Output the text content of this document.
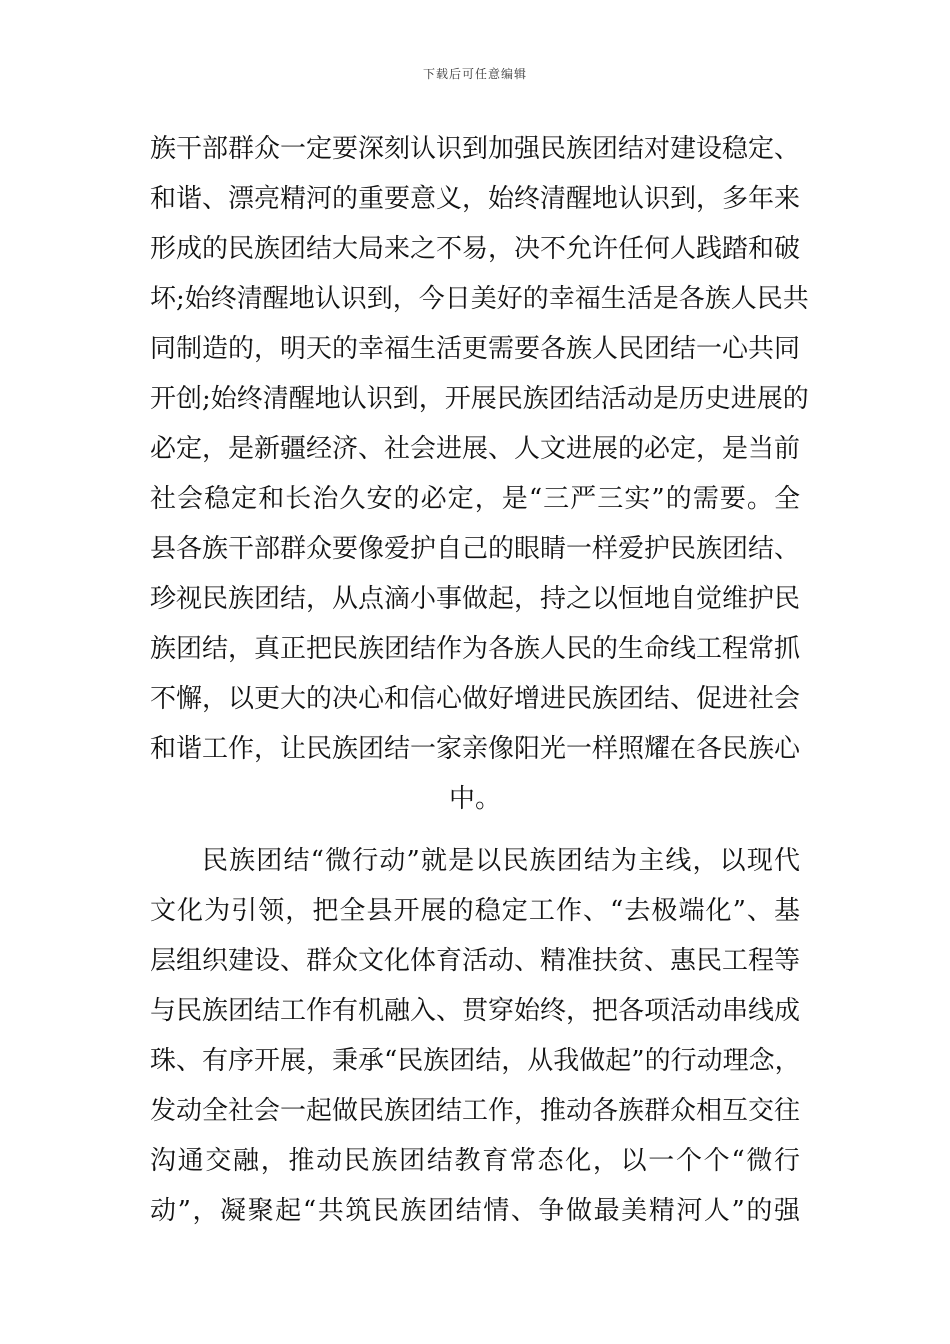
下载后可任意编辑
族干部群众一定要深刻认识到加强民族团结对建设稳定、
和谐、漂亮精河的重要意义，始终清醒地认识到，多年来
形成的民族团结大局来之不易，决不允许任何人践踏和破
坏;始终清醒地认识到，今日美好的幸福生活是各族人民共
同制造的，明天的幸福生活更需要各族人民团结一心共同
开创;始终清醒地认识到，开展民族团结活动是历史进展的
必定，是新疆经济、社会进展、人文进展的必定，是当前
社会稳定和长治久安的必定，是“三严三实”的需要。全
县各族干部群众要像爱护自己的眼睛一样爱护民族团结、
珍视民族团结，从点滴小事做起，持之以恒地自觉维护民
族团结，真正把民族团结作为各族人民的生命线工程常抓
不懈，以更大的决心和信心做好增进民族团结、促进社会
和谐工作，让民族团结一家亲像阳光一样照耀在各民族心
中。
民族团结“微行动”就是以民族团结为主线，以现代
文化为引领，把全县开展的稳定工作、“去极端化”、基
层组织建设、群众文化体育活动、精准扶贫、惠民工程等
与民族团结工作有机融入、贯穿始终，把各项活动串线成
珠、有序开展，秉承“民族团结，从我做起”的行动理念，
发动全社会一起做民族团结工作，推动各族群众相互交往
沟通交融，推动民族团结教育常态化，以一个个“微行
动”，凝聚起“共筑民族团结情、争做最美精河人”的强
